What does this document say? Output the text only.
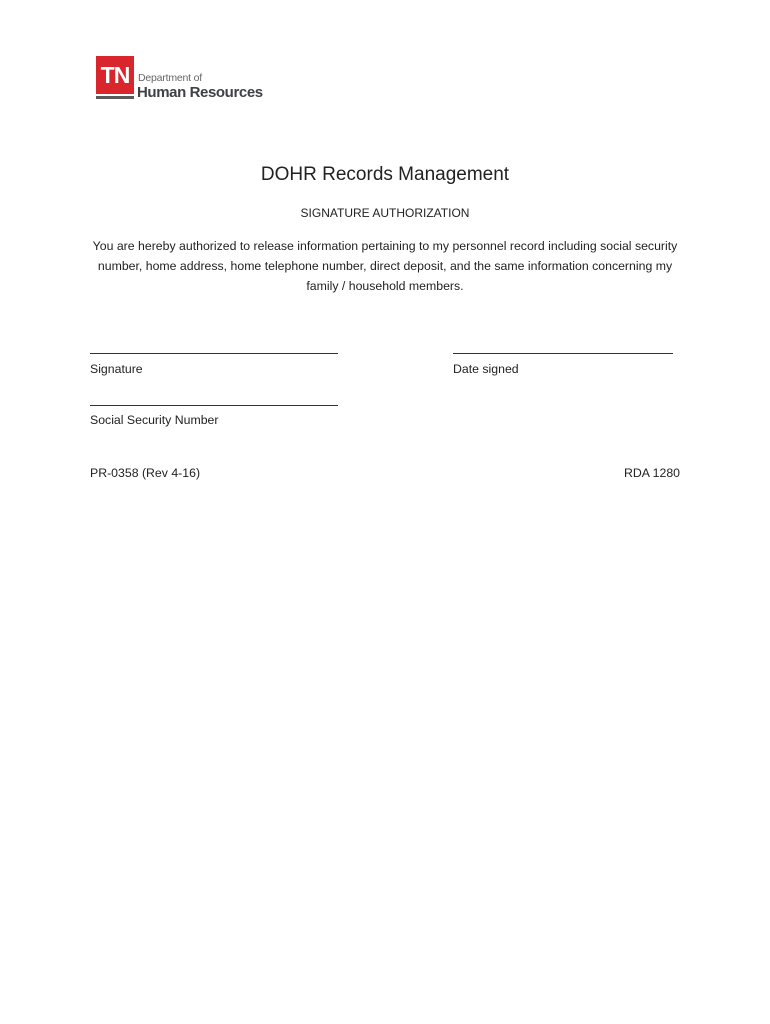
TN Department of
Human Resources
DOHR Records Management
SIGNATURE AUTHORIZATION
You are hereby authorized to release information pertaining to my personnel record including social security number, home address, home telephone number, direct deposit, and the same information concerning my family / household members.
Signature	Date signed
Social Security Number
PR-0358 (Rev 4-16)	RDA 1280
